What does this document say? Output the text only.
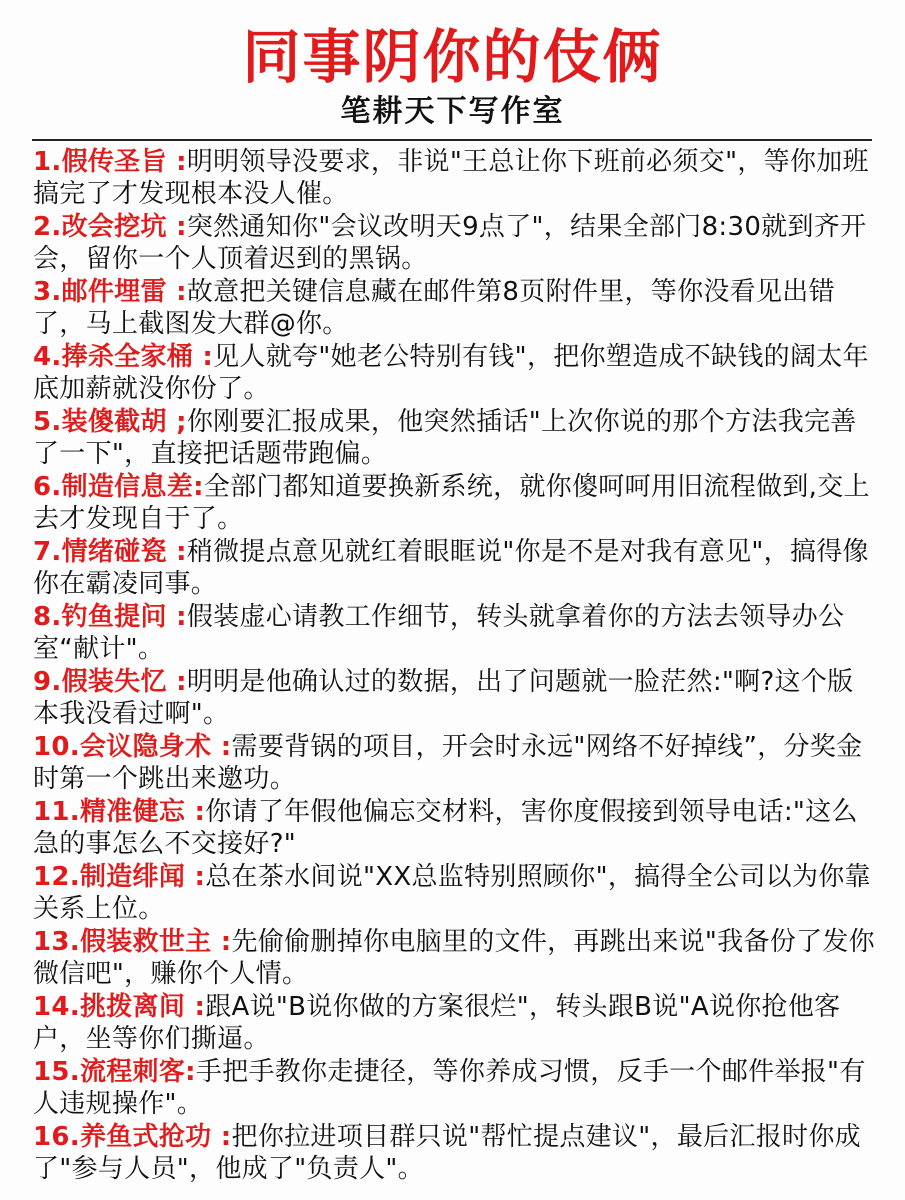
同事阴你的伎俩
笔耕天下写作室
1.假传圣旨 :明明领导没要求，非说"王总让你下班前必须交"，等你加班搞完了才发现根本没人催。
2.改会挖坑 :突然通知你"会议改明天9点了"，结果全部门8:30就到齐开会，留你一个人顶着迟到的黑锅。
3.邮件埋雷 :故意把关键信息藏在邮件第8页附件里，等你没看见出错了，马上截图发大群@你。
4.捧杀全家桶 :见人就夸"她老公特别有钱"，把你塑造成不缺钱的阔太年底加薪就没你份了。
5.装傻截胡 ;你刚要汇报成果，他突然插话"上次你说的那个方法我完善了一下"，直接把话题带跑偏。
6.制造信息差:全部门都知道要换新系统，就你傻呵呵用旧流程做到,交上去才发现自于了。
7.情绪碰瓷 :稍微提点意见就红着眼眶说"你是不是对我有意见"，搞得像你在霸凌同事。
8.钓鱼提问 :假装虚心请教工作细节，转头就拿着你的方法去领导办公室“献计"。
9.假装失忆 :明明是他确认过的数据，出了问题就一脸茫然:"啊?这个版本我没看过啊"。
10.会议隐身术 :需要背锅的项目，开会时永远"网络不好掉线”，分奖金时第一个跳出来邀功。
11.精准健忘 :你请了年假他偏忘交材料，害你度假接到领导电话:"这么急的事怎么不交接好?"
12.制造绯闻 :总在茶水间说"XX总监特别照顾你"，搞得全公司以为你靠关系上位。
13.假装救世主 :先偷偷删掉你电脑里的文件，再跳出来说"我备份了发你微信吧"，赚你个人情。
14.挑拨离间 :跟A说"B说你做的方案很烂"，转头跟B说"A说你抢他客户，坐等你们撕逼。
15.流程刺客:手把手教你走捷径，等你养成习惯，反手一个邮件举报"有人违规操作"。
16.养鱼式抢功 :把你拉进项目群只说"帮忙提点建议"，最后汇报时你成了"参与人员"，他成了"负责人"。
